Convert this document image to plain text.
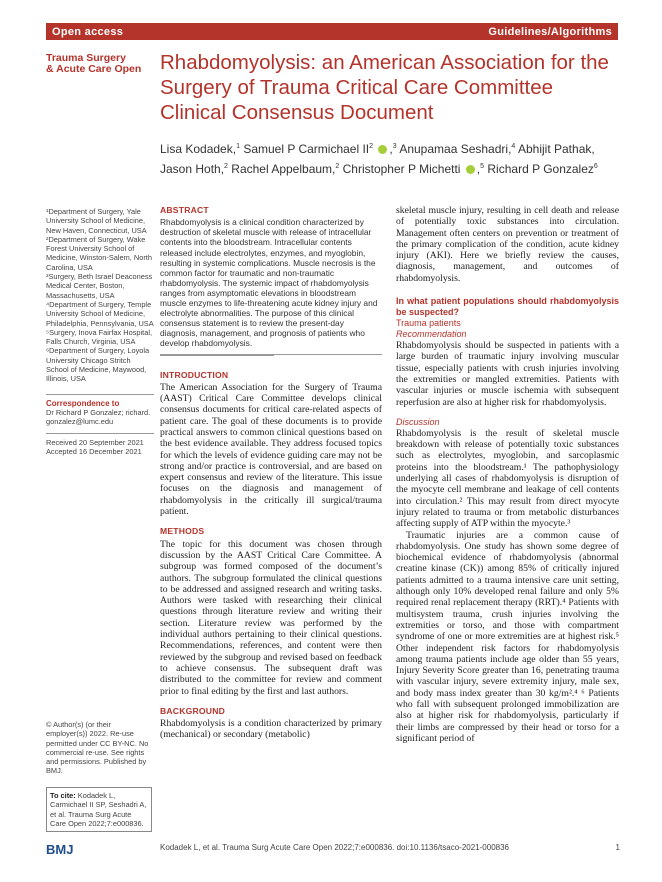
Open access	Guidelines/Algorithms
Trauma Surgery
& Acute Care Open Rhabdomyolysis: an American Association for the Surgery of Trauma Critical Care Committee Clinical Consensus Document
Lisa Kodadek,$^1$ Samuel P Carmichael $II^2$ ,$^3$ Anupamaa Seshadri,$^4$ Abhijit Pathak,
Jason Hoth,$^2$ Rachel Appelbaum,$^2$ Christopher P Michetti ,$^5$ Richard P Gonzalez$^6$

¹Department of Surgery, Yale University School of Medicine, New Haven, Connecticut, USA

²Department of Surgery, Wake Forest University School of Medicine, Winston-Salem, North Carolina, USA

³Surgery, Beth Israel Deaconess Medical Center, Boston, Massachusetts, USA

⁴Department of Surgery, Temple University School of Medicine, Philadelphia, Pennsylvania, USA

⁵Surgery, Inova Fairfax Hospital, Falls Church, Virginia, USA

⁶Department of Surgery, Loyola University Chicago Stritch School of Medicine, Maywood, Illinois, USA

Correspondence to

Dr Richard P Gonzalez; richard. gonzalez@lumc.edu

Received 20 September 2021
Accepted 16 December 2021

© Author(s) (or their employer(s)) 2022. Re-use permitted under CC BY-NC. No commercial re-use. See rights and permissions. Published by BMJ.
To cite: Kodadek L, Carmichael II SP, Seshadri A, et al. Trauma Surg Acute Care Open 2022;7:e000836.
BMJ	Kodadek L, et al. Trauma Surg Acute Care Open 2022;7:e000836. doi:10.1136/tsaco-2021-000836	1
ABSTRACT

Rhabdomyolysis is a clinical condition characterized by destruction of skeletal muscle with release of intracellular contents into the bloodstream. Intracellular contents released include electrolytes, enzymes, and myoglobin, resulting in systemic complications. Muscle necrosis is the common factor for traumatic and non-traumatic rhabdomyolysis. The systemic impact of rhabdomyolysis ranges from asymptomatic elevations in bloodstream muscle enzymes to life-threatening acute kidney injury and electrolyte abnormalities. The purpose of this clinical consensus statement is to review the present-day diagnosis, management, and prognosis of patients who develop rhabdomyolysis.

INTRODUCTION

The American Association for the Surgery of Trauma (AAST) Critical Care Committee develops clinical consensus documents for critical care-related aspects of patient care. The goal of these documents is to provide practical answers to common clinical questions based on the best evidence available. They address focused topics for which the levels of evidence guiding care may not be strong and/or practice is controversial, and are based on expert consensus and review of the literature. This issue focuses on the diagnosis and management of rhabdomyolysis in the critically ill surgical/trauma patient.

METHODS

The topic for this document was chosen through discussion by the AAST Critical Care Committee. A subgroup was formed composed of the document’s authors. The subgroup formulated the clinical questions to be addressed and assigned research and writing tasks. Authors were tasked with researching their clinical questions through literature review and writing their section. Literature review was performed by the individual authors pertaining to their clinical questions. Recommendations, references, and content were then reviewed by the subgroup and revised based on feedback to achieve consensus. The subsequent draft was distributed to the committee for review and comment prior to final editing by the first and last authors.

BACKGROUND

Rhabdomyolysis is a condition characterized by primary (mechanical) or secondary (metabolic)

skeletal muscle injury, resulting in cell death and release of potentially toxic substances into circulation. Management often centers on prevention or treatment of the primary complication of the condition, acute kidney injury (AKI). Here we briefly review the causes, diagnosis, management, and outcomes of rhabdomyolysis.

In what patient populations should rhabdomyolysis be suspected?
Trauma patients
Recommendation

Rhabdomyolysis should be suspected in patients with a large burden of traumatic injury involving muscular tissue, especially patients with crush injuries involving the extremities or mangled extremities. Patients with vascular injuries or muscle ischemia with subsequent reperfusion are also at higher risk for rhabdomyolysis.

Discussion

Rhabdomyolysis is the result of skeletal muscle breakdown with release of potentially toxic substances such as electrolytes, myoglobin, and sarcoplasmic proteins into the bloodstream.¹ The pathophysiology underlying all cases of rhabdomyolysis is disruption of the myocyte cell membrane and leakage of cell contents into circulation.² This may result from direct myocyte injury related to trauma or from metabolic disturbances affecting supply of ATP within the myocyte.³

Traumatic injuries are a common cause of rhabdomyolysis. One study has shown some degree of biochemical evidence of rhabdomyolysis (abnormal creatine kinase (CK)) among 85% of critically injured patients admitted to a trauma intensive care unit setting, although only 10% developed renal failure and only 5% required renal replacement therapy (RRT).⁴ Patients with multisystem trauma, crush injuries involving the extremities or torso, and those with compartment syndrome of one or more extremities are at highest risk.⁵ Other independent risk factors for rhabdomyolysis among trauma patients include age older than 55 years, Injury Severity Score greater than 16, penetrating trauma with vascular injury, severe extremity injury, male sex, and body mass index greater than 30 kg/m².⁴ ⁶ Patients who fall with subsequent prolonged immobilization are also at higher risk for rhabdomyolysis, particularly if their limbs are compressed by their head or torso for a significant period of
